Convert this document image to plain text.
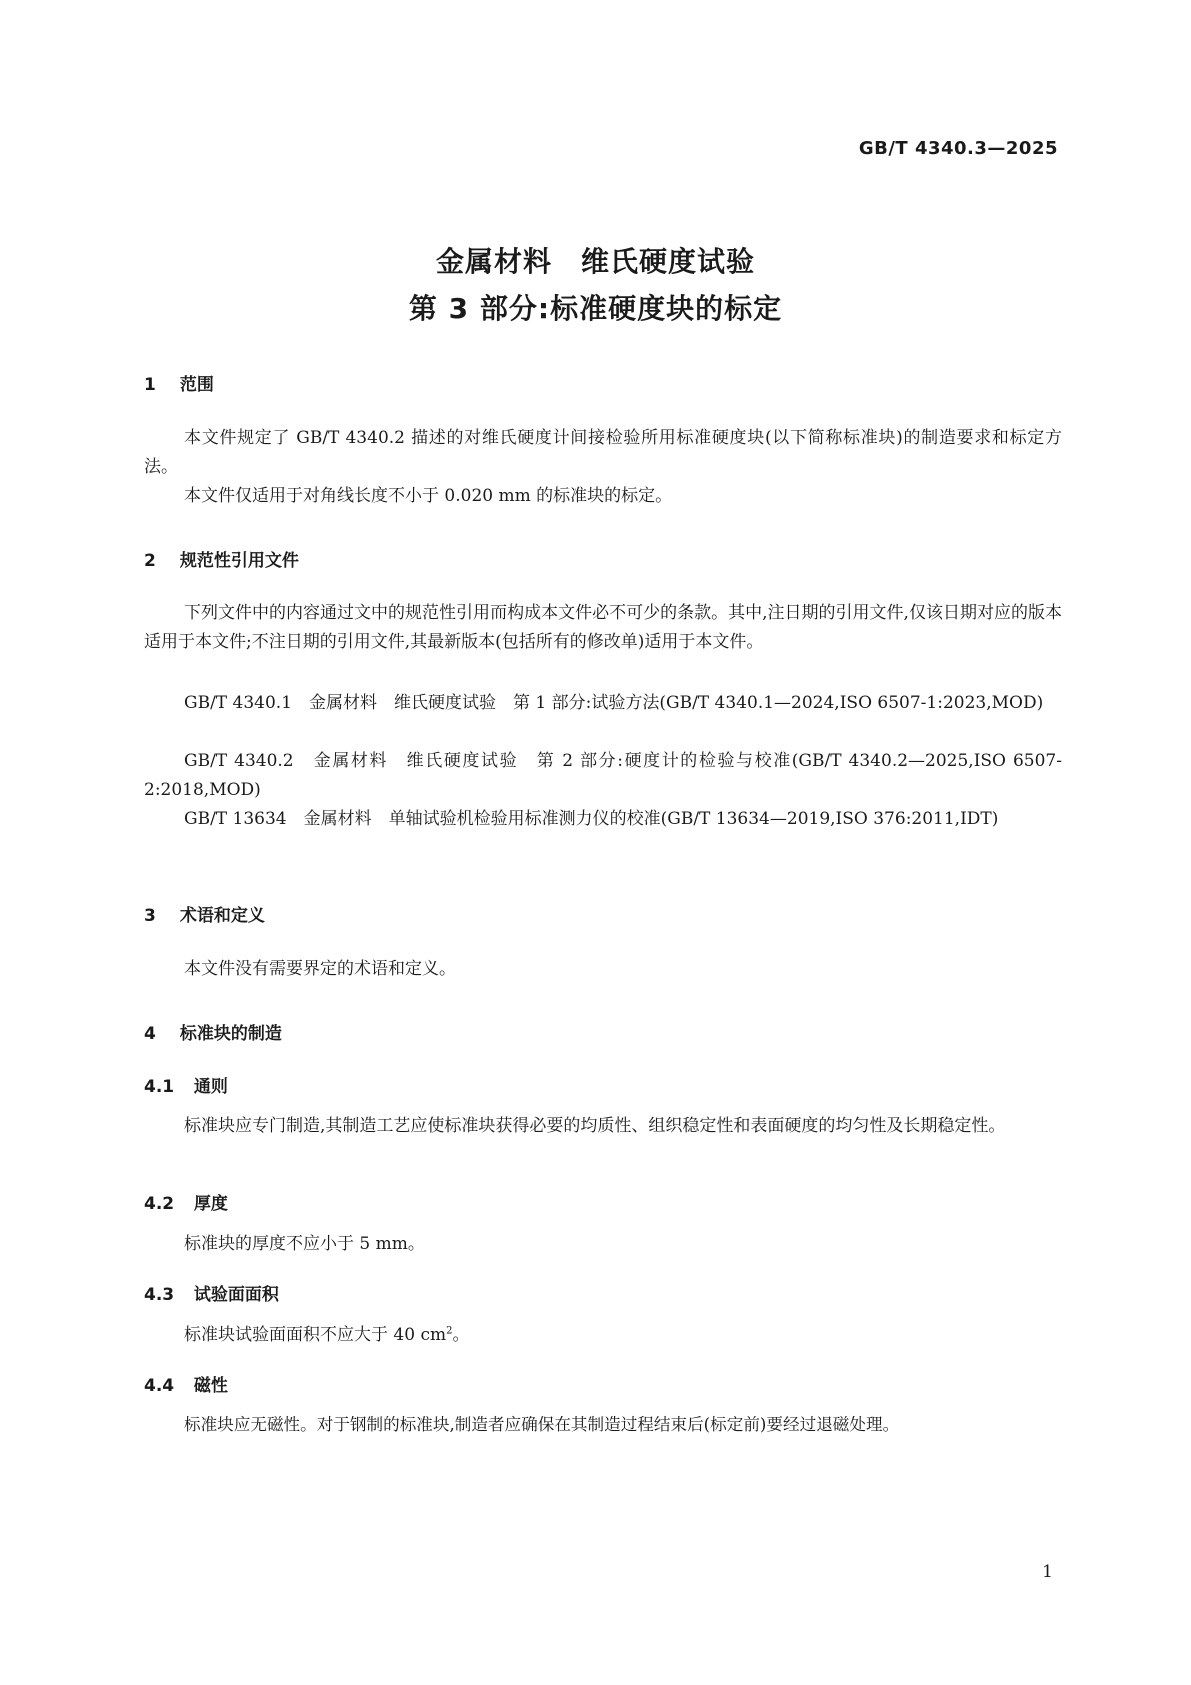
GB/T 4340.3—2025
金属材料　维氏硬度试验
第 3 部分:标准硬度块的标定
1 范围
本文件规定了 GB/T 4340.2 描述的对维氏硬度计间接检验所用标准硬度块(以下简称标准块)的制造要求和标定方法。
本文件仅适用于对角线长度不小于 0.020 mm 的标准块的标定。
2 规范性引用文件
下列文件中的内容通过文中的规范性引用而构成本文件必不可少的条款。其中,注日期的引用文件,仅该日期对应的版本适用于本文件;不注日期的引用文件,其最新版本(包括所有的修改单)适用于本文件。
GB/T 4340.1　金属材料　维氏硬度试验　第 1 部分:试验方法(GB/T 4340.1—2024,ISO 6507-1:2023,MOD)
GB/T 4340.2　金属材料　维氏硬度试验　第 2 部分:硬度计的检验与校准(GB/T 4340.2—2025,ISO 6507-2:2018,MOD)
GB/T 13634　金属材料　单轴试验机检验用标准测力仪的校准(GB/T 13634—2019,ISO 376:2011,IDT)
3 术语和定义
本文件没有需要界定的术语和定义。
4 标准块的制造
4.1 通则
标准块应专门制造,其制造工艺应使标准块获得必要的均质性、组织稳定性和表面硬度的均匀性及长期稳定性。
4.2 厚度
标准块的厚度不应小于 5 mm。
4.3 试验面面积
标准块试验面面积不应大于 40 $cm^2$。
4.4 磁性
标准块应无磁性。对于钢制的标准块,制造者应确保在其制造过程结束后(标定前)要经过退磁处理。
1
